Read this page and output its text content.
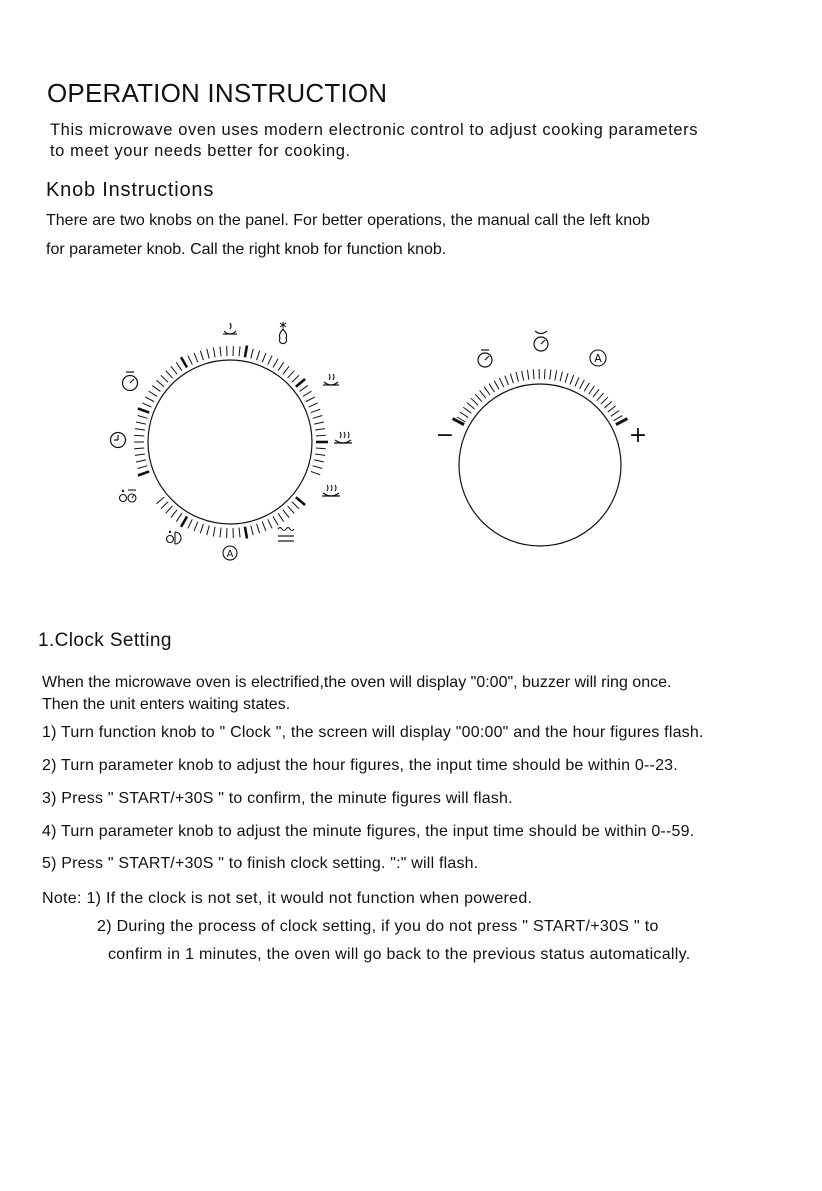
OPERATION INSTRUCTION
This microwave oven uses modern electronic control to adjust cooking parameters
to meet your needs better for cooking.
Knob Instructions
There are two knobs on the panel. For better operations, the manual call the left knob
for parameter knob. Call the right knob for function knob.
A
−	+
A
1.Clock Setting
When the microwave oven is electrified,the oven will display "0:00", buzzer will ring once.
Then the unit enters waiting states.
1) Turn function knob to " Clock ", the screen will display "00:00" and the hour figures flash.
2) Turn parameter knob to adjust the hour figures, the input time should be within 0--23.
3) Press " START/+30S " to confirm, the minute figures will flash.
4) Turn parameter knob to adjust the minute figures, the input time should be within 0--59.
5) Press " START/+30S " to finish clock setting. ":" will flash.
Note: 1) If the clock is not set, it would not function when powered.
2) During the process of clock setting, if you do not press " START/+30S " to
confirm in 1 minutes, the oven will go back to the previous status automatically.
